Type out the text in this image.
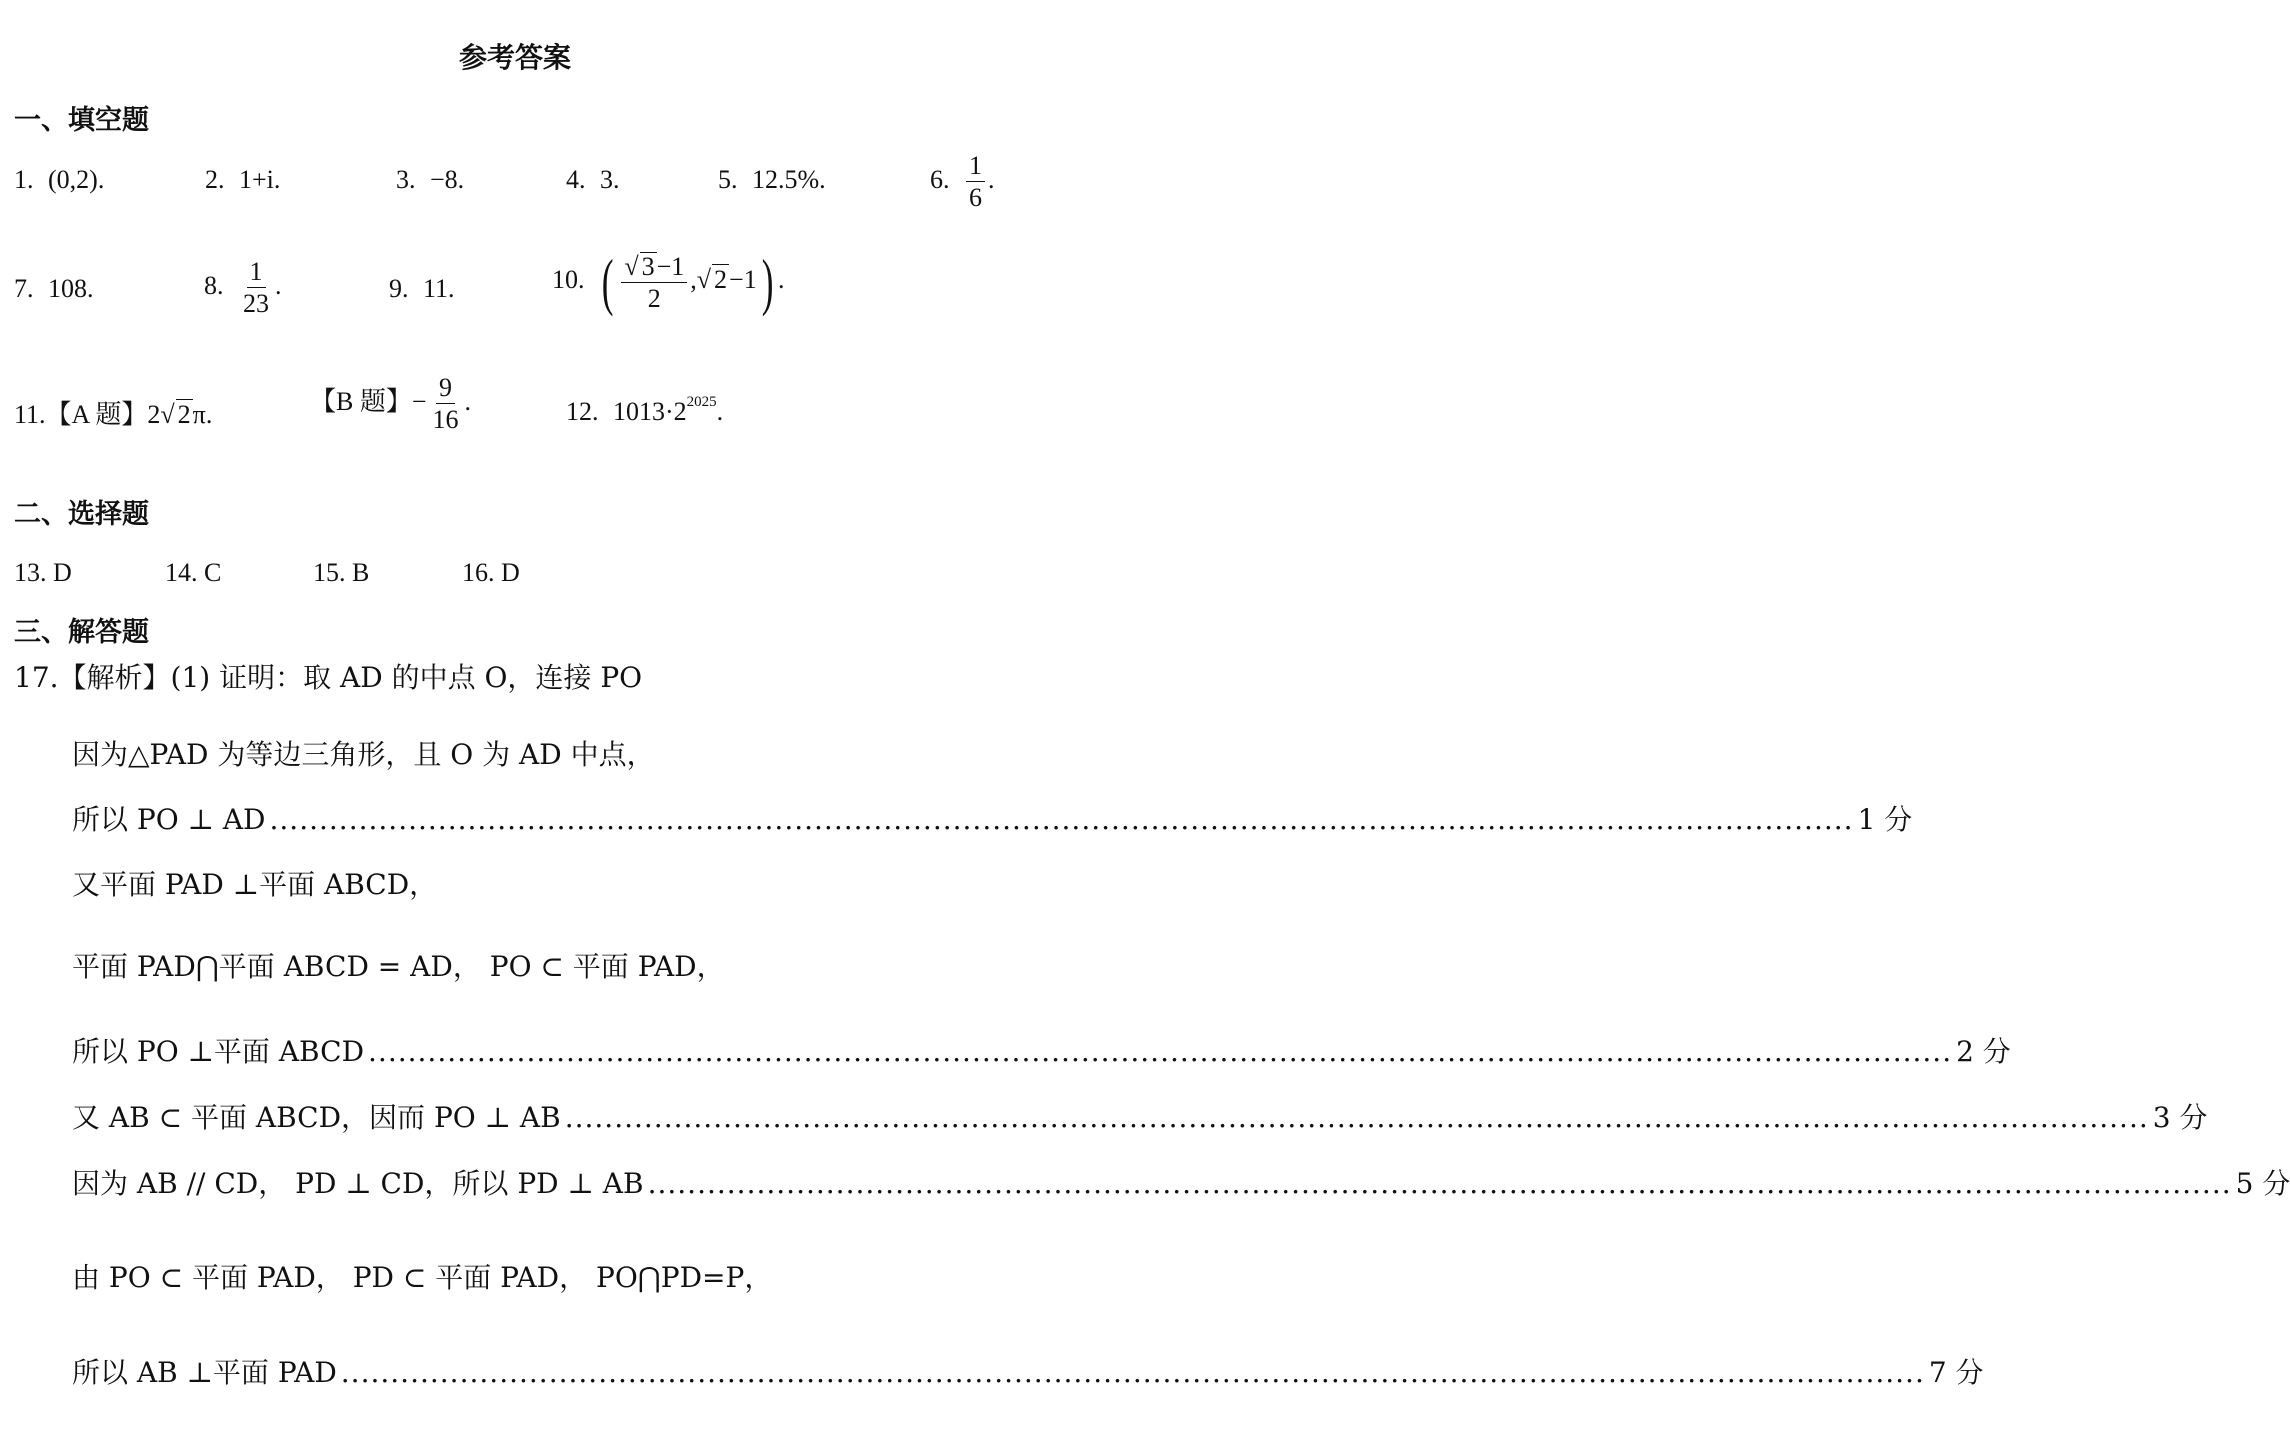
参考答案
一、填空题
1. (0,2).	2. 1+i.	3. −8.	4. 3.	5. 12.5%.	6. $\frac{1}{6}$ .
7. 108.	8. $\frac{1}{23}$ .	9. 11.	10. ( $\frac{√ 3-1}{2}$ ,√ 2−1) .
11.【A 题】2√ 2π.	【B 题】− $\frac{9}{16}$ .	12. $1013\cdot 2^{2025}$.
二、选择题
13. D	14. C	15. B	16. D
三、解答题
17.【解析】(1) 证明：取 AD 的中点 O，连接 PO
因为△PAD 为等边三角形，且 O 为 AD 中点，
所以 PO ⊥ AD ................................................................................................................................................................ 1 分
又平面 PAD ⊥平面 ABCD，
平面 PAD⋂平面 ABCD = AD， PO ⊂ 平面 PAD，
所以 PO ⊥平面 ABCD ................................................................................................................................................................ 2 分
又 AB ⊂ 平面 ABCD，因而 PO ⊥ AB ................................................................................................................................................................ 3 分
因为 AB // CD， PD ⊥ CD，所以 PD ⊥ AB ................................................................................................................................................................ 5 分
由 PO ⊂ 平面 PAD， PD ⊂ 平面 PAD， PO⋂PD=P，
所以 AB ⊥平面 PAD ................................................................................................................................................................ 7 分
